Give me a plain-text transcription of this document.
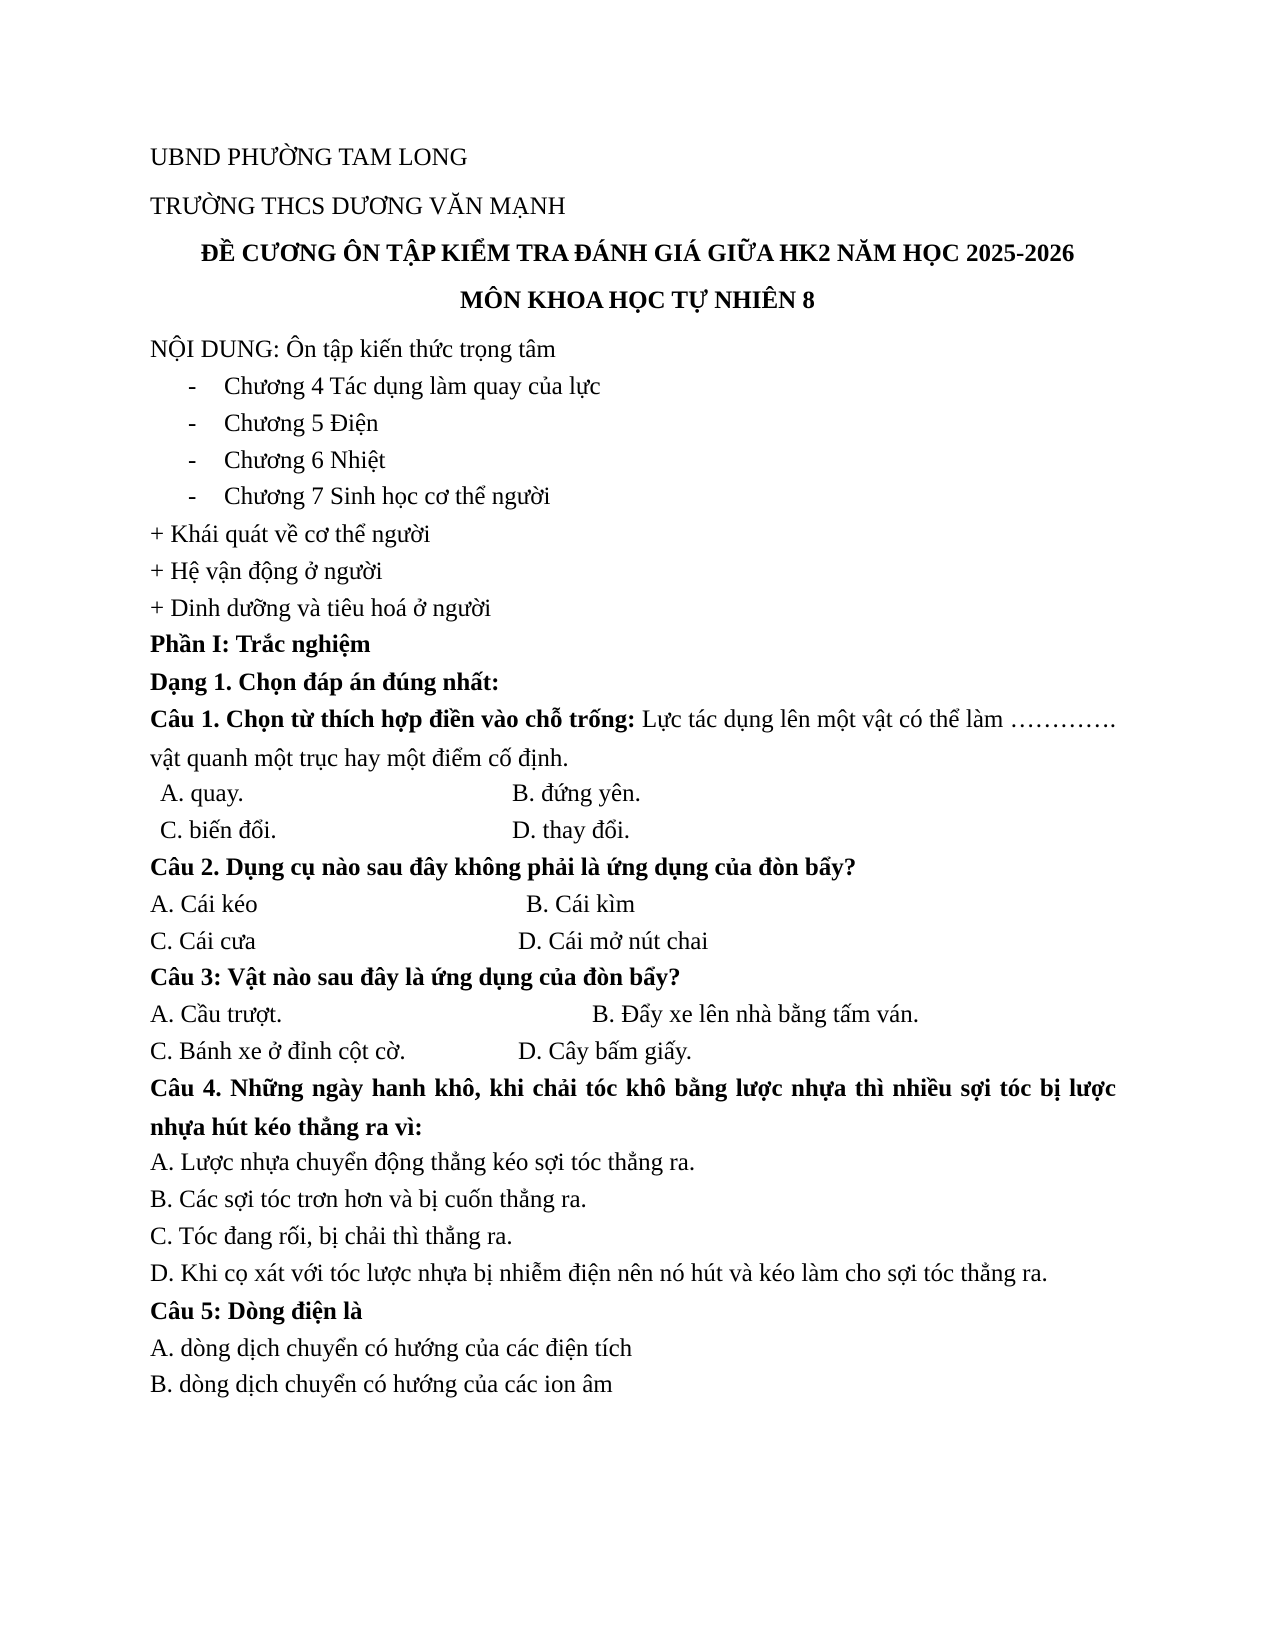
UBND PHƯỜNG TAM LONG
TRƯỜNG THCS DƯƠNG VĂN MẠNH
ĐỀ CƯƠNG ÔN TẬP KIỂM TRA ĐÁNH GIÁ GIỮA HK2 NĂM HỌC 2025-2026
MÔN KHOA HỌC TỰ NHIÊN 8
NỘI DUNG: Ôn tập kiến thức trọng tâm
- Chương 4 Tác dụng làm quay của lực
- Chương 5 Điện
- Chương 6 Nhiệt
- Chương 7 Sinh học cơ thể người
+ Khái quát về cơ thể người
+ Hệ vận động ở người
+ Dinh dưỡng và tiêu hoá ở người
Phần I: Trắc nghiệm
Dạng 1. Chọn đáp án đúng nhất:
Câu 1. Chọn từ thích hợp điền vào chỗ trống: Lực tác dụng lên một vật có thể làm …………. vật quanh một trục hay một điểm cố định.
A. quay.	B. đứng yên.
C. biến đổi.	D. thay đổi.
Câu 2. Dụng cụ nào sau đây không phải là ứng dụng của đòn bẩy?
A. Cái kéo	B. Cái kìm
C. Cái cưa	D. Cái mở nút chai
Câu 3: Vật nào sau đây là ứng dụng của đòn bẩy?
A. Cầu trượt.	B. Đẩy xe lên nhà bằng tấm ván.
C. Bánh xe ở đỉnh cột cờ.	D. Cây bấm giấy.
Câu 4. Những ngày hanh khô, khi chải tóc khô bằng lược nhựa thì nhiều sợi tóc bị lược nhựa hút kéo thẳng ra vì:
A. Lược nhựa chuyển động thẳng kéo sợi tóc thẳng ra.
B. Các sợi tóc trơn hơn và bị cuốn thẳng ra.
C. Tóc đang rối, bị chải thì thẳng ra.
D. Khi cọ xát với tóc lược nhựa bị nhiễm điện nên nó hút và kéo làm cho sợi tóc thẳng ra.
Câu 5: Dòng điện là
A. dòng dịch chuyển có hướng của các điện tích
B. dòng dịch chuyển có hướng của các ion âm
